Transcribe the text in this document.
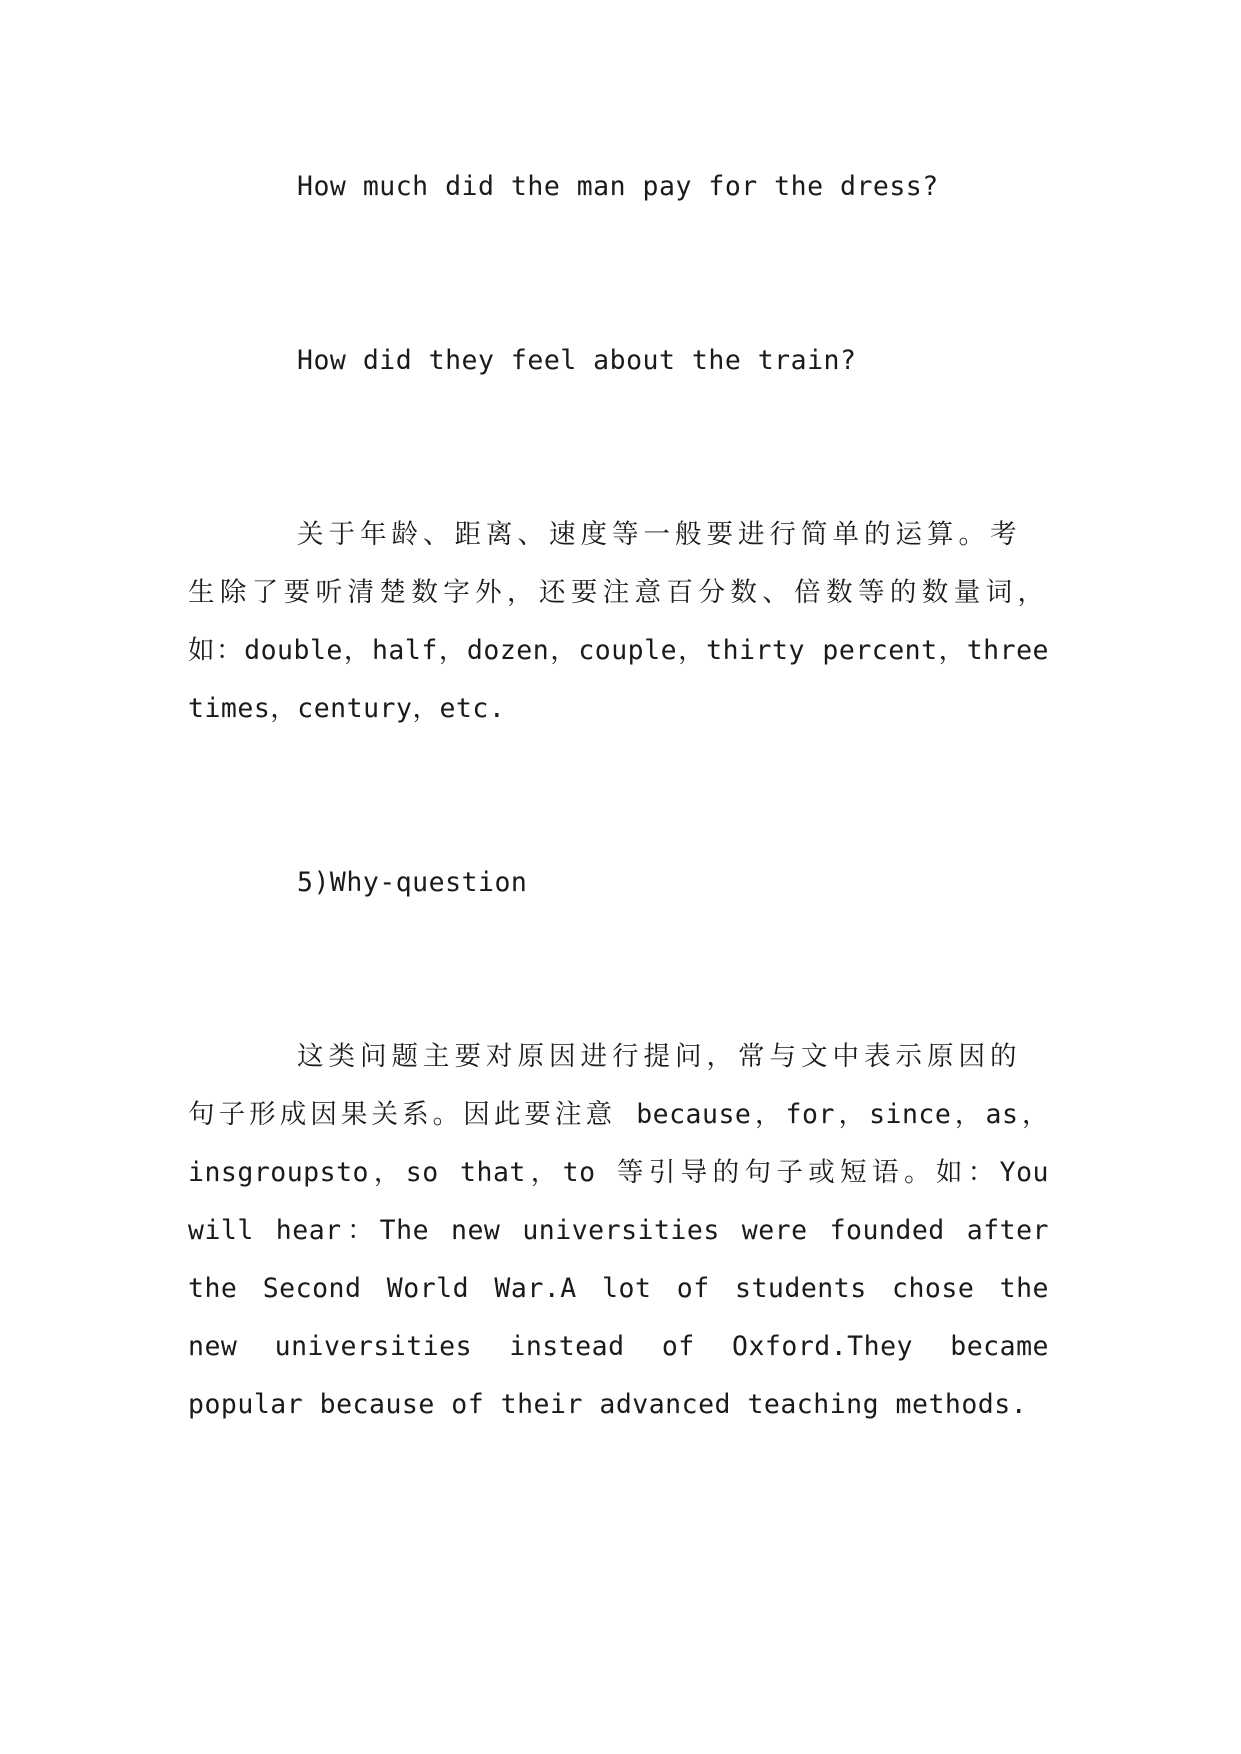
How much did the man pay for the dress?

How did they feel about the train?

关于年龄、距离、速度等一般要进行简单的运算。考

生除了要听清楚数字外，还要注意百分数、倍数等的数量词，

如：double，half，dozen，couple，thirty percent，three

times，century，etc.

5)Why-question

这类问题主要对原因进行提问，常与文中表示原因的

句子形成因果关系。因此要注意 because，for，since，as，

insgroupsto，so that，to 等引导的句子或短语。如：You

will hear：The new universities were founded after

the Second World War.A lot of students chose the

new universities instead of Oxford.They became

popular because of their advanced teaching methods.
